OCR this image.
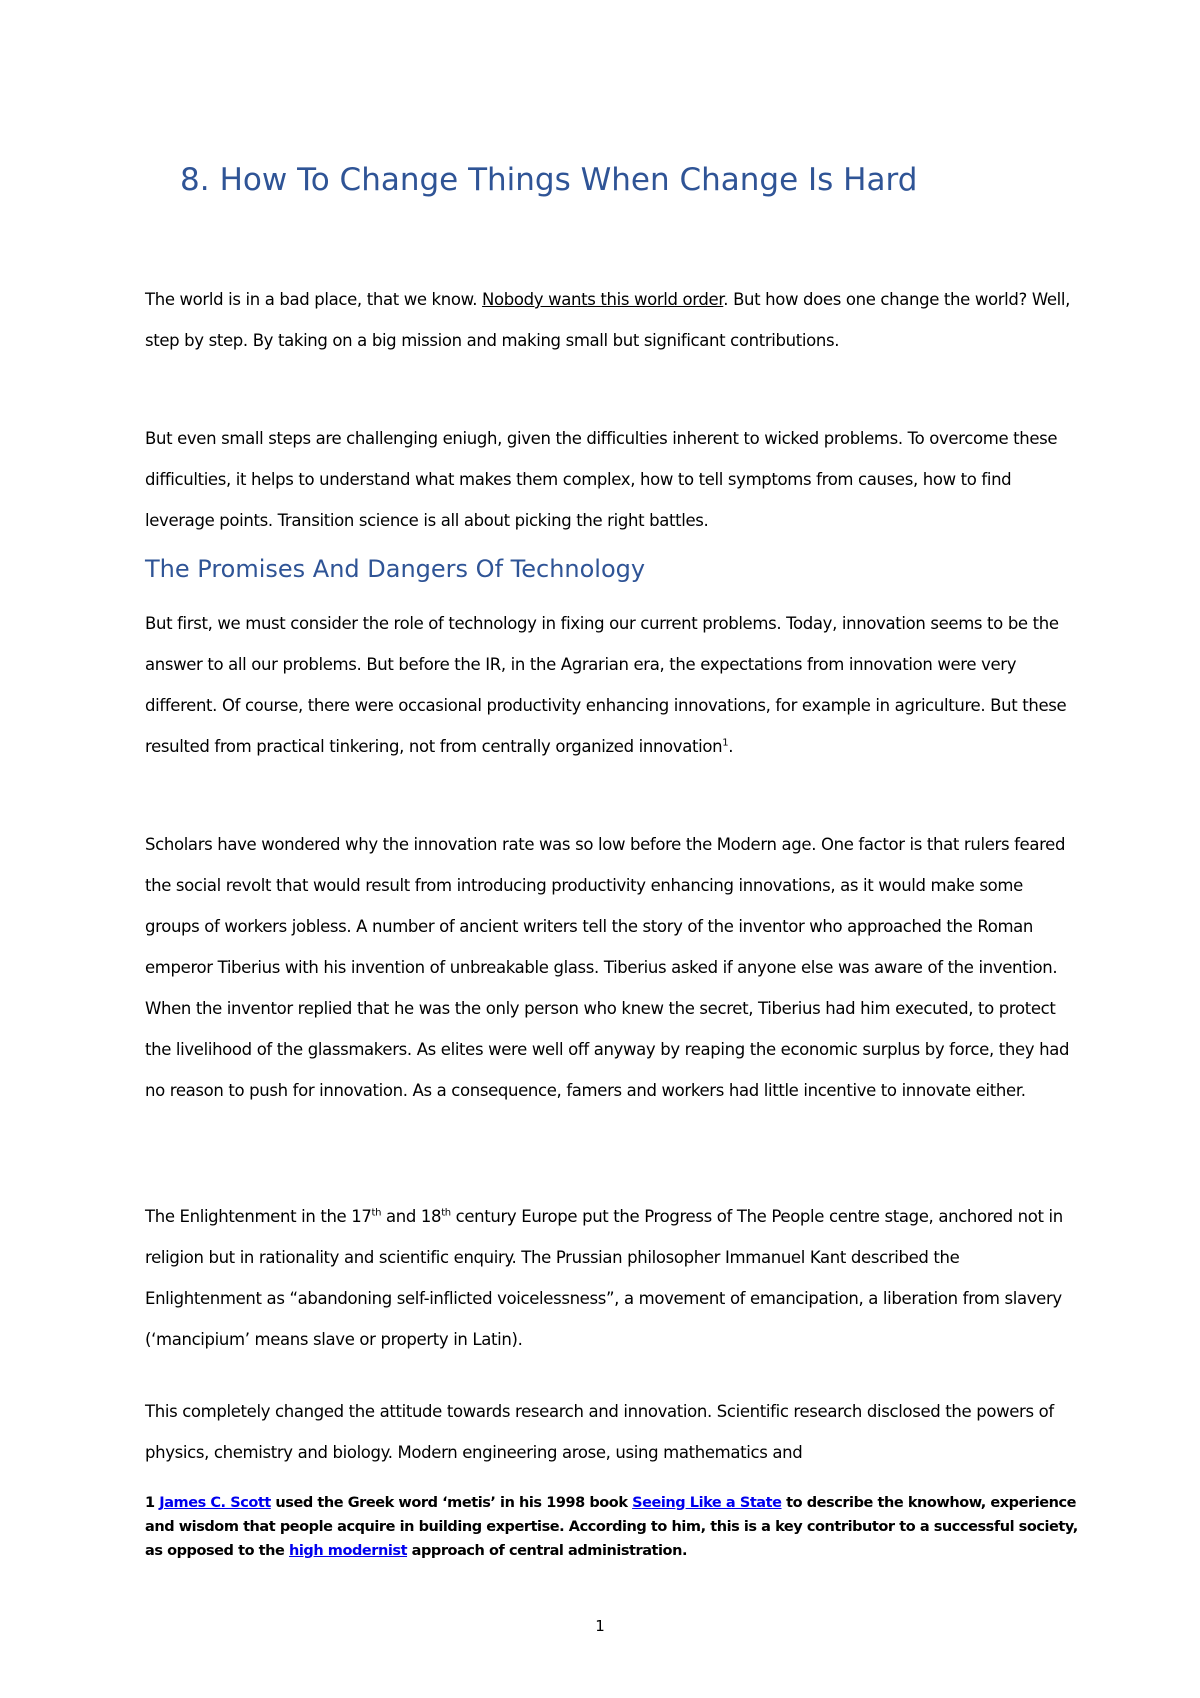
8. How To Change Things When Change Is Hard

The world is in a bad place, that we know. Nobody wants this world order. But how does one change the world? Well, step by step. By taking on a big mission and making small but significant contributions.

But even small steps are challenging eniugh, given the difficulties inherent to wicked problems. To overcome these difficulties, it helps to understand what makes them complex, how to tell symptoms from causes, how to find leverage points. Transition science is all about picking the right battles.

The Promises And Dangers Of Technology

But first, we must consider the role of technology in fixing our current problems. Today, innovation seems to be the answer to all our problems. But before the IR, in the Agrarian era, the expectations from innovation were very different. Of course, there were occasional productivity enhancing innovations, for example in agriculture. But these resulted from practical tinkering, not from centrally organized innovation$^1$.

Scholars have wondered why the innovation rate was so low before the Modern age. One factor is that rulers feared the social revolt that would result from introducing productivity enhancing innovations, as it would make some groups of workers jobless. A number of ancient writers tell the story of the inventor who approached the Roman emperor Tiberius with his invention of unbreakable glass. Tiberius asked if anyone else was aware of the invention. When the inventor replied that he was the only person who knew the secret, Tiberius had him executed, to protect the livelihood of the glassmakers. As elites were well off anyway by reaping the economic surplus by force, they had no reason to push for innovation. As a consequence, famers and workers had little incentive to innovate either.

The Enlightenment in the 17th and 18th century Europe put the Progress of The People centre stage, anchored not in religion but in rationality and scientific enquiry. The Prussian philosopher Immanuel Kant described the Enlightenment as “abandoning self-inflicted voicelessness”, a movement of emancipation, a liberation from slavery (‘mancipium’ means slave or property in Latin).

This completely changed the attitude towards research and innovation. Scientific research disclosed the powers of physics, chemistry and biology. Modern engineering arose, using mathematics and

1 James C. Scott used the Greek word ‘metis’ in his 1998 book Seeing Like a State to describe the knowhow, experience and wisdom that people acquire in building expertise. According to him, this is a key contributor to a successful society, as opposed to the high modernist approach of central administration.

1
